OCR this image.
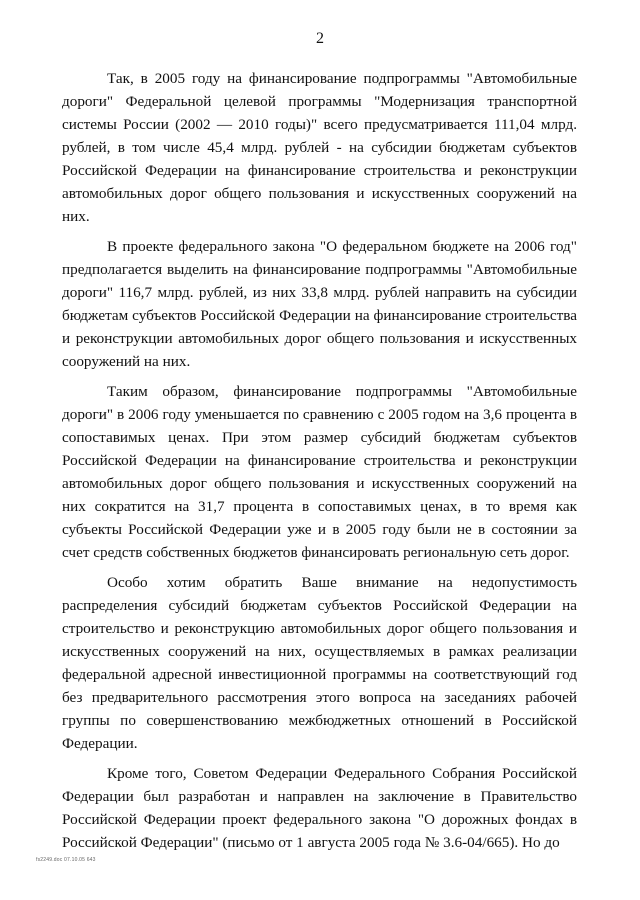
2

Так, в 2005 году на финансирование подпрограммы "Автомобильные дороги" Федеральной целевой программы "Модернизация транспортной системы России (2002 — 2010 годы)" всего предусматривается 111,04 млрд. рублей, в том числе 45,4 млрд. рублей - на субсидии бюджетам субъектов Российской Федерации на финансирование строительства и реконструкции автомобильных дорог общего пользования и искусственных сооружений на них.

В проекте федерального закона "О федеральном бюджете на 2006 год" предполагается выделить на финансирование подпрограммы "Автомобильные дороги" 116,7 млрд. рублей, из них 33,8 млрд. рублей направить на субсидии бюджетам субъектов Российской Федерации на финансирование строительства и реконструкции автомобильных дорог общего пользования и искусственных сооружений на них.

Таким образом, финансирование подпрограммы "Автомобильные дороги" в 2006 году уменьшается по сравнению с 2005 годом на 3,6 процента в сопоставимых ценах. При этом размер субсидий бюджетам субъектов Российской Федерации на финансирование строительства и реконструкции автомобильных дорог общего пользования и искусственных сооружений на них сократится на 31,7 процента в сопоставимых ценах, в то время как субъекты Российской Федерации уже и в 2005 году были не в состоянии за счет средств собственных бюджетов финансировать региональную сеть дорог.

Особо хотим обратить Ваше внимание на недопустимость распределения субсидий бюджетам субъектов Российской Федерации на строительство и реконструкцию автомобильных дорог общего пользования и искусственных сооружений на них, осуществляемых в рамках реализации федеральной адресной инвестиционной программы на соответствующий год без предварительного рассмотрения этого вопроса на заседаниях рабочей группы по совершенствованию межбюджетных отношений в Российской Федерации.

Кроме того, Советом Федерации Федерального Собрания Российской Федерации был разработан и направлен на заключение в Правительство Российской Федерации проект федерального закона "О дорожных фондах в Российской Федерации" (письмо от 1 августа 2005 года № 3.6-04/665). Но до

fs2249.doc 07.10.05 643
